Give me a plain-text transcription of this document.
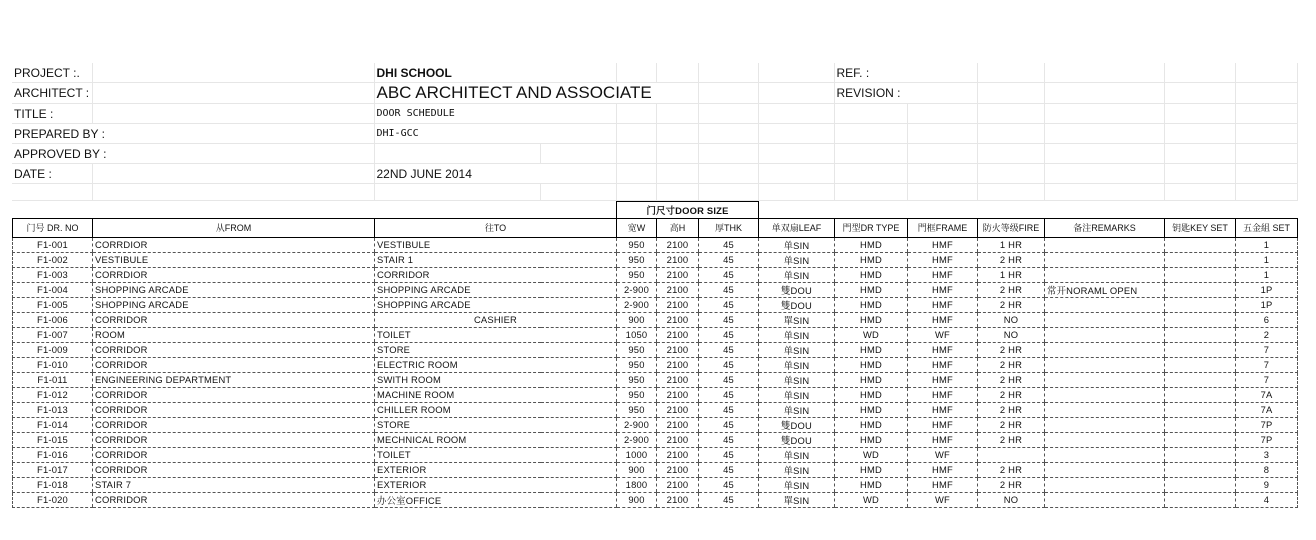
PROJECT :.		DHI SCHOOL						REF. :					
ARCHITECT :		ABC ARCHITECT AND ASSOCIATE						REVISION :					
TITLE :		DOOR SCHEDULE											
PREPARED BY :		DHI-GCC											
APPROVED BY :													
DATE :		22ND JUNE 2014											

				门尺寸DOOR SIZE									
门号 DR. NO	从FROM	往TO		宽W	高H	厚THK	单双扇LEAF	門型DR TYPE	門框FRAME	防火等级FIRE	备注REMARKS	钥匙KEY SET	五金組 SET
F1-001	CORRDIOR	VESTIBULE		950	2100	45	单SIN	HMD	HMF	1 HR			1
F1-002	VESTIBULE	STAIR 1		950	2100	45	单SIN	HMD	HMF	2 HR			1
F1-003	CORRDIOR	CORRIDOR		950	2100	45	单SIN	HMD	HMF	1 HR			1
F1-004	SHOPPING ARCADE	SHOPPING ARCADE		2-900	2100	45	雙DOU	HMD	HMF	2 HR	常开NORAML OPEN		1P
F1-005	SHOPPING ARCADE	SHOPPING ARCADE		2-900	2100	45	雙DOU	HMD	HMF	2 HR			1P
F1-006	CORRIDOR	CASHIER		900	2100	45	單SIN	HMD	HMF	NO			6
F1-007	ROOM	TOILET		1050	2100	45	单SIN	WD	WF	NO			2
F1-009	CORRIDOR	STORE		950	2100	45	单SIN	HMD	HMF	2 HR			7
F1-010	CORRIDOR	ELECTRIC ROOM		950	2100	45	单SIN	HMD	HMF	2 HR			7
F1-011	ENGINEERING DEPARTMENT	SWITH ROOM		950	2100	45	单SIN	HMD	HMF	2 HR			7
F1-012	CORRIDOR	MACHINE ROOM		950	2100	45	单SIN	HMD	HMF	2 HR			7A
F1-013	CORRIDOR	CHILLER ROOM		950	2100	45	单SIN	HMD	HMF	2 HR			7A
F1-014	CORRIDOR	STORE		2-900	2100	45	雙DOU	HMD	HMF	2 HR			7P
F1-015	CORRIDOR	MECHNICAL ROOM		2-900	2100	45	雙DOU	HMD	HMF	2 HR			7P
F1-016	CORRIDOR	TOILET		1000	2100	45	单SIN	WD	WF				3
F1-017	CORRIDOR	EXTERIOR		900	2100	45	单SIN	HMD	HMF	2 HR			8
F1-018	STAIR 7	EXTERIOR		1800	2100	45	单SIN	HMD	HMF	2 HR			9
F1-020	CORRIDOR	办公室OFFICE		900	2100	45	單SIN	WD	WF	NO			4
